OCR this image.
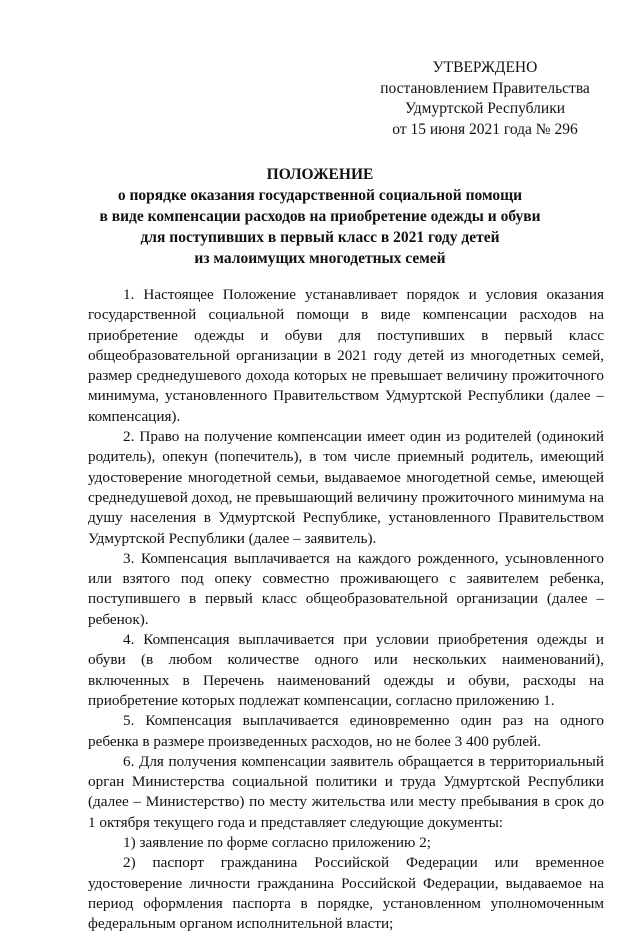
УТВЕРЖДЕНО
постановлением Правительства
Удмуртской Республики
от 15 июня 2021 года № 296
ПОЛОЖЕНИЕ
о порядке оказания государственной социальной помощи
в виде компенсации расходов на приобретение одежды и обуви
для поступивших в первый класс в 2021 году детей
из малоимущих многодетных семей

1. Настоящее Положение устанавливает порядок и условия оказания государственной социальной помощи в виде компенсации расходов на приобретение одежды и обуви для поступивших в первый класс общеобразовательной организации в 2021 году детей из многодетных семей, размер среднедушевого дохода которых не превышает величину прожиточного минимума, установленного Правительством Удмуртской Республики (далее – компенсация).

2. Право на получение компенсации имеет один из родителей (одинокий родитель), опекун (попечитель), в том числе приемный родитель, имеющий удостоверение многодетной семьи, выдаваемое многодетной семье, имеющей среднедушевой доход, не превышающий величину прожиточного минимума на душу населения в Удмуртской Республике, установленного Правительством Удмуртской Республики (далее – заявитель).

3. Компенсация выплачивается на каждого рожденного, усыновленного или взятого под опеку совместно проживающего с заявителем ребенка, поступившего в первый класс общеобразовательной организации (далее – ребенок).

4. Компенсация выплачивается при условии приобретения одежды и обуви (в любом количестве одного или нескольких наименований), включенных в Перечень наименований одежды и обуви, расходы на приобретение которых подлежат компенсации, согласно приложению 1.

5. Компенсация выплачивается единовременно один раз на одного ребенка в размере произведенных расходов, но не более 3 400 рублей.

6. Для получения компенсации заявитель обращается в территориальный орган Министерства социальной политики и труда Удмуртской Республики (далее – Министерство) по месту жительства или месту пребывания в срок до 1 октября текущего года и представляет следующие документы:

1) заявление по форме согласно приложению 2;

2) паспорт гражданина Российской Федерации или временное удостоверение личности гражданина Российской Федерации, выдаваемое на период оформления паспорта в порядке, установленном уполномоченным федеральным органом исполнительной власти;
